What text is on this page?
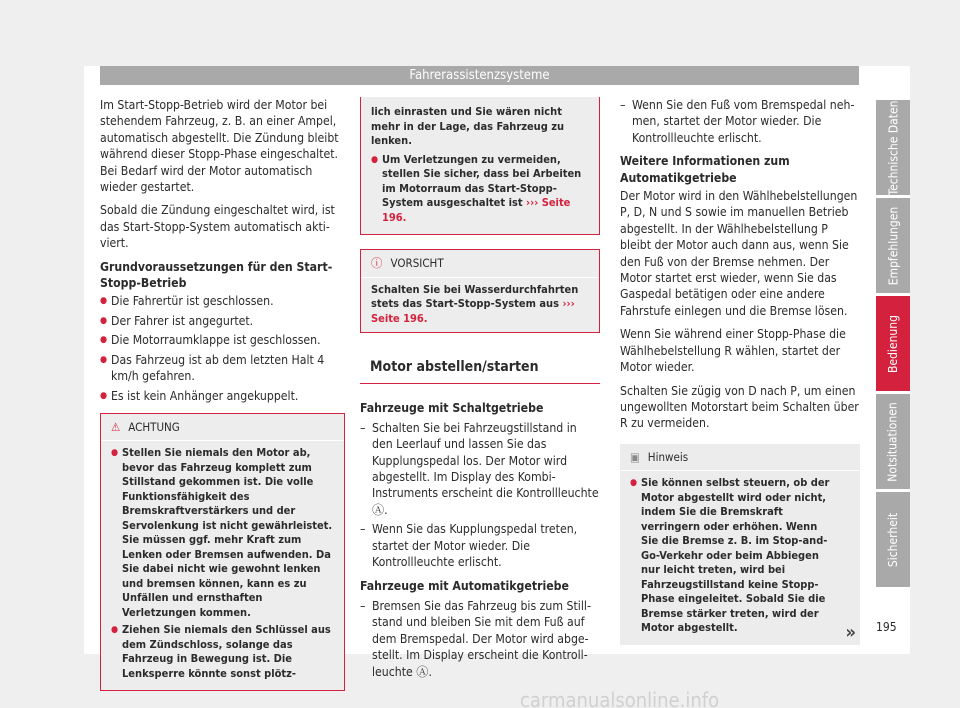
Fahrerassistenzsysteme

Im Start-Stopp-Betrieb wird der Motor bei stehendem Fahrzeug, z. B. an einer Ampel, automatisch abgestellt. Die Zündung bleibt während dieser Stopp-Phase eingeschaltet. Bei Bedarf wird der Motor automatisch wieder gestartet.

Sobald die Zündung eingeschaltet wird, ist das Start-Stopp-System automatisch aktiviert.

Grundvoraussetzungen für den Start-Stopp-Betrieb

● Die Fahrertür ist geschlossen.
● Der Fahrer ist angegurtet.
● Die Motorraumklappe ist geschlossen.
● Das Fahrzeug ist ab dem letzten Halt 4 km/h gefahren.
● Es ist kein Anhänger angekuppelt.
⚠ ACHTUNG
● Stellen Sie niemals den Motor ab, bevor das Fahrzeug komplett zum Stillstand gekommen ist. Die volle Funktionsfähigkeit des Bremskraftverstärkers und der Servolenkung ist nicht gewährleistet. Sie müssen ggf. mehr Kraft zum Lenken oder Bremsen aufwenden. Da Sie dabei nicht wie gewohnt lenken und bremsen können, kann es zu Unfällen und ernsthaften Verletzungen kommen.
● Ziehen Sie niemals den Schlüssel aus dem Zündschloss, solange das Fahrzeug in Bewegung ist. Die Lenksperre könnte sonst plötz-

lich einrasten und Sie wären nicht mehr in der Lage, das Fahrzeug zu lenken.

● Um Verletzungen zu vermeiden, stellen Sie sicher, dass bei Arbeiten im Motorraum das Start-Stopp-System ausgeschaltet ist ››› Seite 196.
ⓘ VORSICHT
Schalten Sie bei Wasserdurchfahrten stets das Start-Stopp-System aus ››› Seite 196.
Motor abstellen/starten

Fahrzeuge mit Schaltgetriebe

– Schalten Sie bei Fahrzeugstillstand in den Leerlauf und lassen Sie das Kupplungspedal los. Der Motor wird abgestellt. Im Display des Kombi-Instruments erscheint die Kontrollleuchte Ⓐ.
– Wenn Sie das Kupplungspedal treten, startet der Motor wieder. Die Kontrollleuchte erlischt.

Fahrzeuge mit Automatikgetriebe

– Bremsen Sie das Fahrzeug bis zum Stillstand und bleiben Sie mit dem Fuß auf dem Bremspedal. Der Motor wird abgestellt. Im Display erscheint die Kontrollleuchte Ⓐ.
– Wenn Sie den Fuß vom Bremspedal nehmen, startet der Motor wieder. Die Kontrollleuchte erlischt.

Weitere Informationen zum Automatikgetriebe

Der Motor wird in den Wählhebelstellungen P, D, N und S sowie im manuellen Betrieb abgestellt. In der Wählhebelstellung P bleibt der Motor auch dann aus, wenn Sie den Fuß von der Bremse nehmen. Der Motor startet erst wieder, wenn Sie das Gaspedal betätigen oder eine andere Fahrstufe einlegen und die Bremse lösen.

Wenn Sie während einer Stopp-Phase die Wählhebelstellung R wählen, startet der Motor wieder.

Schalten Sie zügig von D nach P, um einen ungewollten Motorstart beim Schalten über R zu vermeiden.

▣ Hinweis
● Sie können selbst steuern, ob der Motor abgestellt wird oder nicht, indem Sie die Bremskraft verringern oder erhöhen. Wenn Sie die Bremse z. B. im Stop-and-Go-Verkehr oder beim Abbiegen nur leicht treten, wird bei Fahrzeugstillstand keine Stopp-Phase eingeleitet. Sobald Sie die Bremse stärker treten, wird der Motor abgestellt.	»
Technische Daten
Empfehlungen
Bedienung
Notsituationen
Sicherheit
195
carmanualsonline.info
